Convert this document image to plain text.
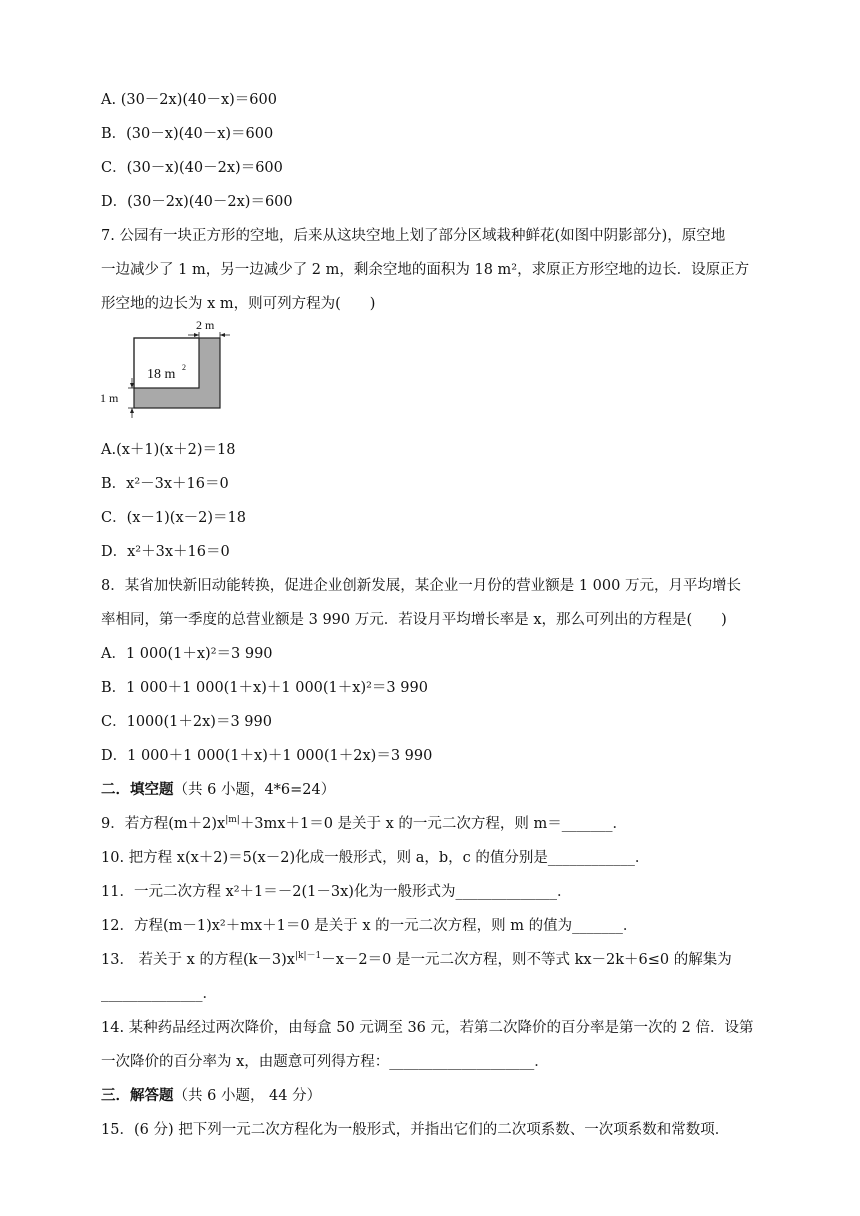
A. (30－2x)(40－x)＝600
B．(30－x)(40－x)＝600
C．(30－x)(40－2x)＝600
D．(30－2x)(40－2x)＝600
7. 公园有一块正方形的空地，后来从这块空地上划了部分区域栽种鲜花(如图中阴影部分)，原空地
一边减少了 1 m，另一边减少了 2 m，剩余空地的面积为 18 m²，求原正方形空地的边长．设原正方
形空地的边长为 x m，则可列方程为(　　)
2 m
18 m 2
1 m
A.(x＋1)(x＋2)＝18
B．x²－3x＋16＝0
C．(x－1)(x－2)＝18
D．x²＋3x＋16＝0
8．某省加快新旧动能转换，促进企业创新发展，某企业一月份的营业额是 1 000 万元，月平均增长
率相同，第一季度的总营业额是 3 990 万元．若设月平均增长率是 x，那么可列出的方程是(　　)
A．1 000(1＋x)²＝3 990
B．1 000＋1 000(1＋x)＋1 000(1＋x)²＝3 990
C．1000(1＋2x)＝3 990
D．1 000＋1 000(1＋x)＋1 000(1＋2x)＝3 990
二．填空题（共 6 小题，4*6=24）
9．若方程$(m+2)x^{|m|}+3mx+1=0$ 是关于 x 的一元二次方程，则 m＝_______．
10. 把方程 x(x＋2)＝5(x－2)化成一般形式，则 a，b，c 的值分别是____________．
11．一元二次方程 x²＋1＝－2(1－3x)化为一般形式为______________．
12．方程(m－1)x²＋mx＋1＝0 是关于 x 的一元二次方程，则 m 的值为_______．
13． 若关于 x 的方程$(k-3)x^{|k|-1}-x-2=0$ 是一元二次方程，则不等式 kx－2k＋6≤0 的解集为
______________．
14. 某种药品经过两次降价，由每盒 50 元调至 36 元，若第二次降价的百分率是第一次的 2 倍．设第
一次降价的百分率为 x，由题意可列得方程：____________________．
三．解答题（共 6 小题， 44 分）
15．(6 分) 把下列一元二次方程化为一般形式，并指出它们的二次项系数、一次项系数和常数项．
